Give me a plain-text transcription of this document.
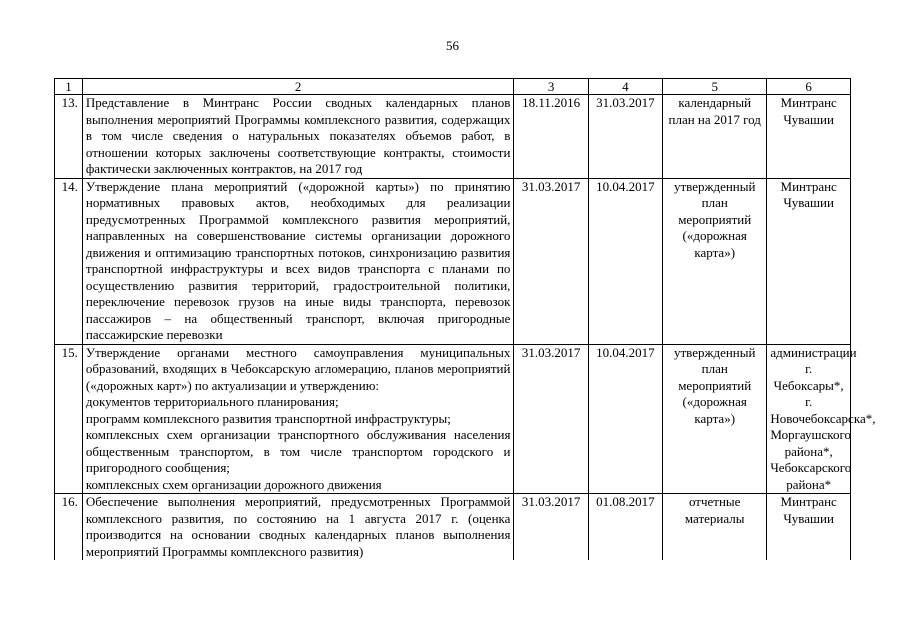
56
1	2	3	4	5	6
13.	Представление в Минтранс России сводных календарных планов выполнения мероприятий Программы комплексного развития, содержащих в том числе сведения о натуральных показателях объемов работ, в отношении которых заключены соответствующие контракты, стоимости фактически заключенных контрактов, на 2017 год	18.11.2016	31.03.2017	календарный план на 2017 год	Минтранс Чувашии
14.	Утверждение плана мероприятий («дорожной карты») по принятию нормативных правовых актов, необходимых для реализации предусмотренных Программой комплексного развития мероприятий, направленных на совершенствование системы организации дорожного движения и оптимизацию транспортных потоков, синхронизацию развития транспортной инфраструктуры и всех видов транспорта с планами по осуществлению развития территорий, градостроительной политики, переключение перевозок грузов на иные виды транспорта, перевозок пассажиров – на общественный транспорт, включая пригородные пассажирские перевозки	31.03.2017	10.04.2017	утвержденный план мероприятий («дорожная карта»)	Минтранс Чувашии
15.	Утверждение органами местного самоуправления муниципальных образований, входящих в Чебоксарскую агломерацию, планов мероприятий («дорожных карт») по актуализации и утверждению:
документов территориального планирования;
программ комплексного развития транспортной инфраструктуры;
комплексных схем организации транспортного обслуживания населения общественным транспортом, в том числе транспортом городского и пригородного сообщения;
комплексных схем организации дорожного движения	31.03.2017	10.04.2017	утвержденный план мероприятий («дорожная карта»)	администрации г. Чебоксары*, г. Новочебоксарска*, Моргаушского района*, Чебоксарского района*
16.	Обеспечение выполнения мероприятий, предусмотренных Программой комплексного развития, по состоянию на 1 августа 2017 г. (оценка производится на основании сводных календарных планов выполнения мероприятий Программы комплексного развития)	31.03.2017	01.08.2017	отчетные материалы	Минтранс Чувашии
